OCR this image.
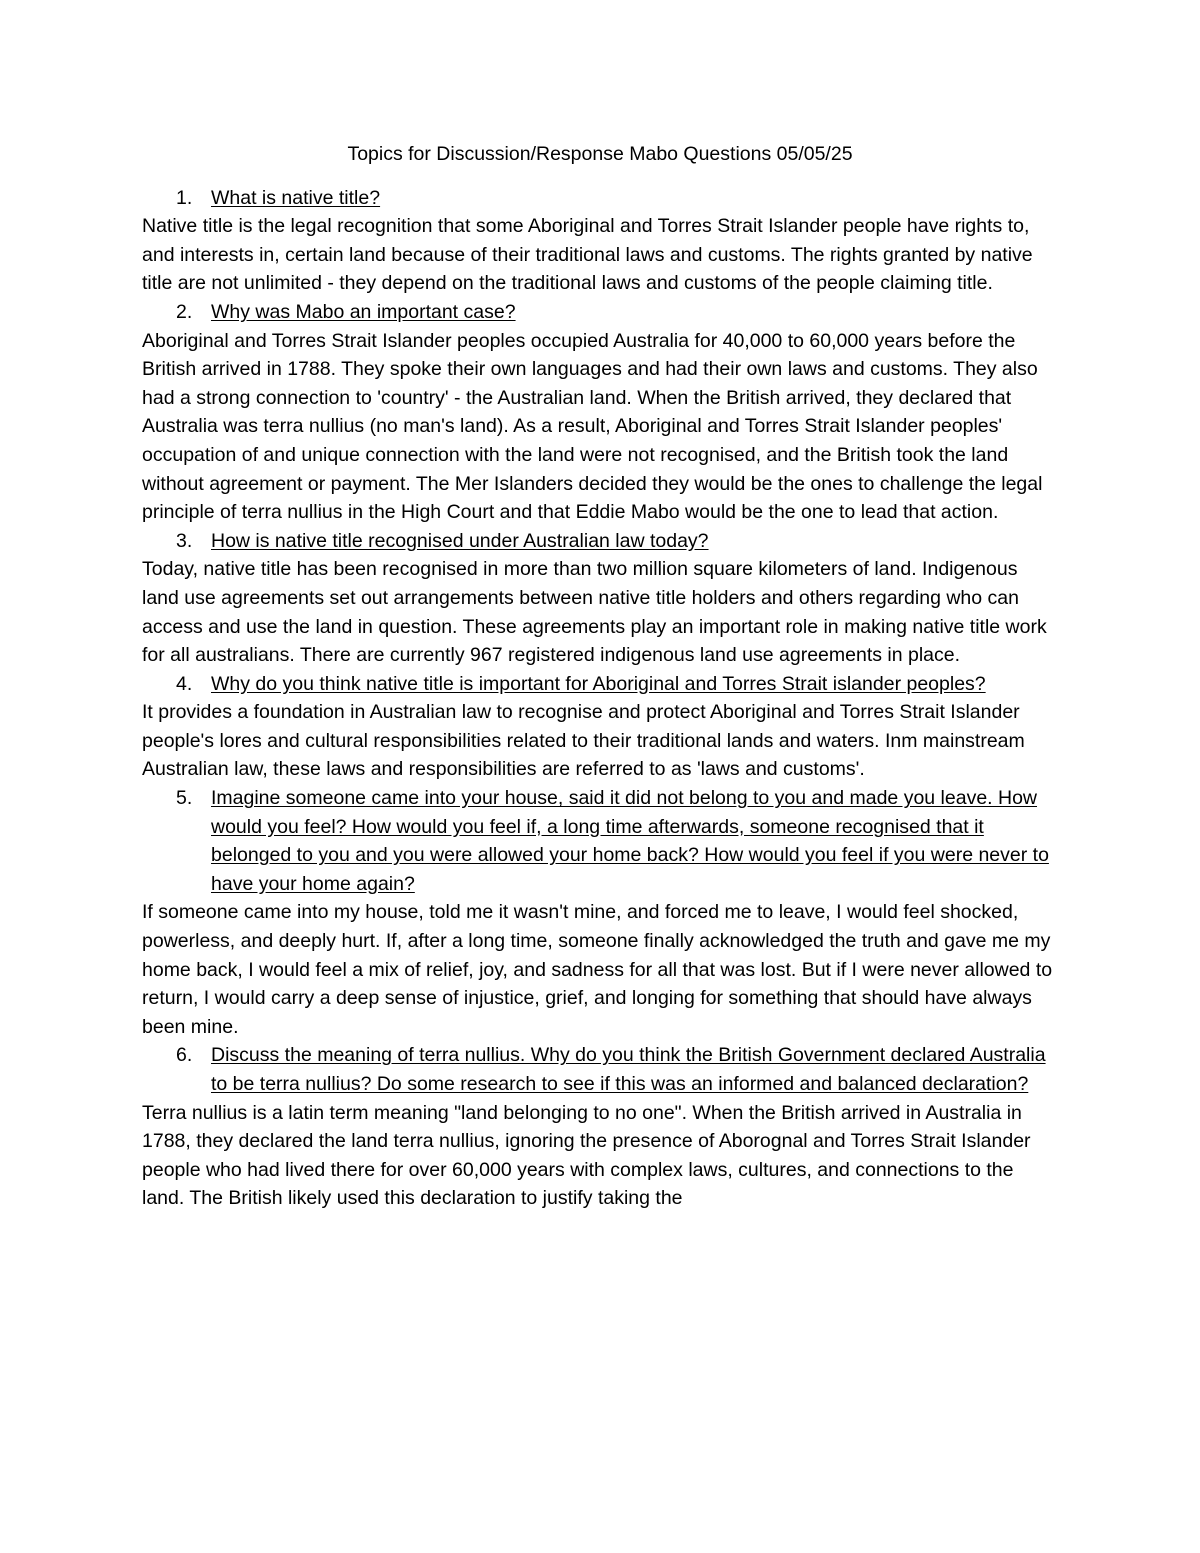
Topics for Discussion/Response Mabo Questions 05/05/25
1. What is native title?

Native title is the legal recognition that some Aboriginal and Torres Strait Islander people have rights to, and interests in, certain land because of their traditional laws and customs. The rights granted by native title are not unlimited - they depend on the traditional laws and customs of the people claiming title.

2. Why was Mabo an important case?

Aboriginal and Torres Strait Islander peoples occupied Australia for 40,000 to 60,000 years before the British arrived in 1788. They spoke their own languages and had their own laws and customs. They also had a strong connection to 'country' - the Australian land. When the British arrived, they declared that Australia was terra nullius (no man's land). As a result, Aboriginal and Torres Strait Islander peoples' occupation of and unique connection with the land were not recognised, and the British took the land without agreement or payment. The Mer Islanders decided they would be the ones to challenge the legal principle of terra nullius in the High Court and that Eddie Mabo would be the one to lead that action.

3. How is native title recognised under Australian law today?

Today, native title has been recognised in more than two million square kilometers of land. Indigenous land use agreements set out arrangements between native title holders and others regarding who can access and use the land in question. These agreements play an important role in making native title work for all australians. There are currently 967 registered indigenous land use agreements in place.

4. Why do you think native title is important for Aboriginal and Torres Strait islander peoples?

It provides a foundation in Australian law to recognise and protect Aboriginal and Torres Strait Islander people's lores and cultural responsibilities related to their traditional lands and waters. Inm mainstream Australian law, these laws and responsibilities are referred to as 'laws and customs'.

5. Imagine someone came into your house, said it did not belong to you and made you leave. How would you feel? How would you feel if, a long time afterwards, someone recognised that it belonged to you and you were allowed your home back? How would you feel if you were never to have your home again?

If someone came into my house, told me it wasn't mine, and forced me to leave, I would feel shocked, powerless, and deeply hurt. If, after a long time, someone finally acknowledged the truth and gave me my home back, I would feel a mix of relief, joy, and sadness for all that was lost. But if I were never allowed to return, I would carry a deep sense of injustice, grief, and longing for something that should have always been mine.

6. Discuss the meaning of terra nullius. Why do you think the British Government declared Australia to be terra nullius? Do some research to see if this was an informed and balanced declaration?

Terra nullius is a latin term meaning "land belonging to no one". When the British arrived in Australia in 1788, they declared the land terra nullius, ignoring the presence of Aborognal and Torres Strait Islander people who had lived there for over 60,000 years with complex laws, cultures, and connections to the land. The British likely used this declaration to justify taking the
